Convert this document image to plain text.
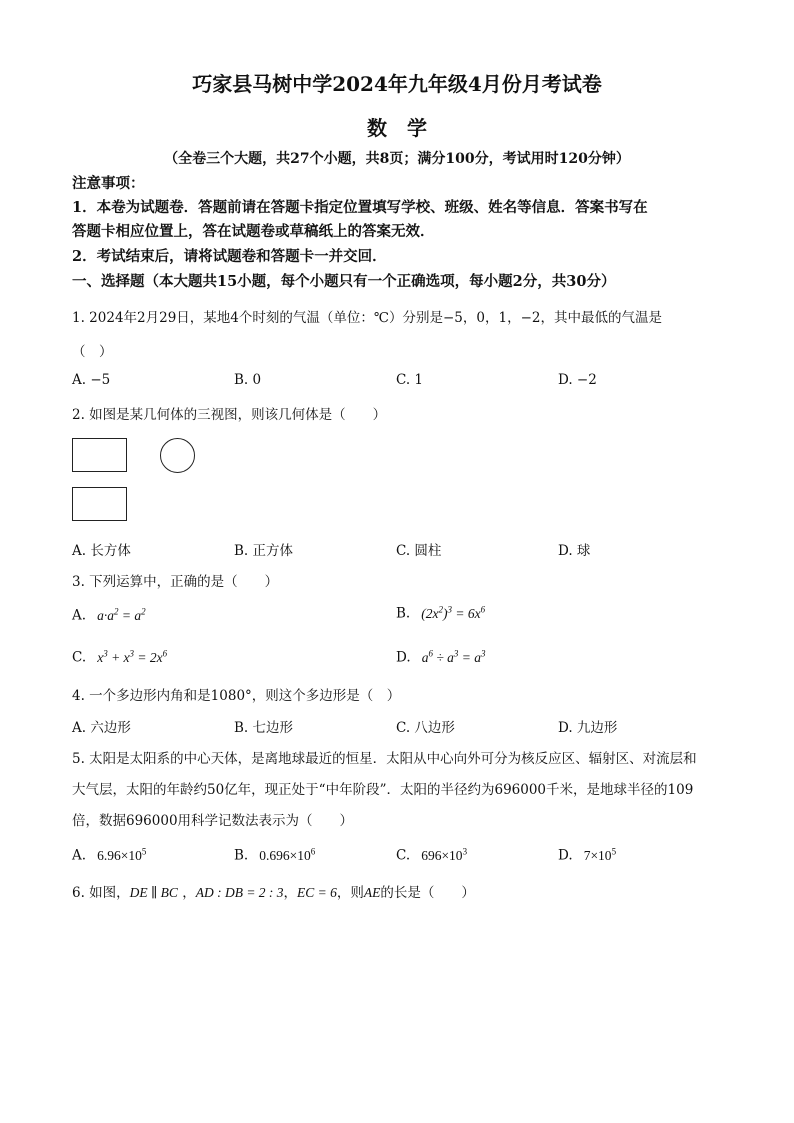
巧家县马树中学2024年九年级4月份月考试卷
数学
（全卷三个大题，共27个小题，共8页；满分100分，考试用时120分钟）
注意事项：
1．本卷为试题卷．答题前请在答题卡指定位置填写学校、班级、姓名等信息．答案书写在
答题卡相应位置上，答在试题卷或草稿纸上的答案无效．
2．考试结束后，请将试题卷和答题卡一并交回．
一、选择题（本大题共15小题，每个小题只有一个正确选项，每小题2分，共30分）
1. 2024年2月29日，某地4个时刻的气温（单位：℃）分别是−5，0，1，−2，其中最低的气温是
（　）
A. −5	B. 0	C. 1	D. −2
2. 如图是某几何体的三视图，则该几何体是（　　）
A. 长方体	B. 正方体	C. 圆柱	D. 球
3. 下列运算中，正确的是（　　）
A.   $a\cdot a^2 = a^2$	B.   $(2x^2)^3 = 6x^6$
C.   $x^3 + x^3 = 2x^6$	D.   $a^6 \div a^3 = a^3$
4. 一个多边形内角和是1080°，则这个多边形是（　）
A. 六边形	B. 七边形	C. 八边形	D. 九边形
5. 太阳是太阳系的中心天体，是离地球最近的恒星．太阳从中心向外可分为核反应区、辐射区、对流层和
大气层，太阳的年龄约50亿年，现正处于“中年阶段”．太阳的半径约为696000千米，是地球半径的109
倍，数据696000用科学记数法表示为（　　）
A.   $6.96\times 10^5$	B.   $0.696\times 10^6$	C.   $696\times 10^3$	D.   $7\times 10^5$
6. 如图，DE ∥ BC ，AD : DB = 2 : 3，EC = 6，则AE的长是（　　）
